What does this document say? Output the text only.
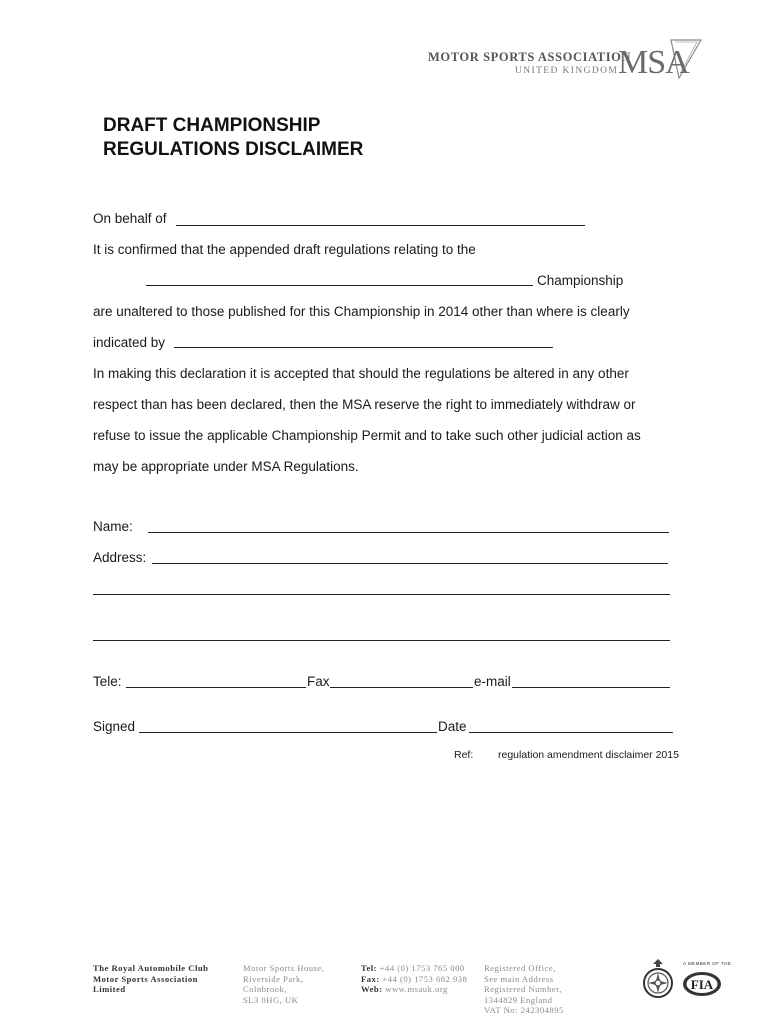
MOTOR SPORTS ASSOCIATION
UNITED KINGDOM MSA
DRAFT CHAMPIONSHIP
REGULATIONS DISCLAIMER
On behalf of
It is confirmed that the appended draft regulations relating to the
Championship
are unaltered to those published for this Championship in 2014 other than where is clearly
indicated by
In making this declaration it is accepted that should the regulations be altered in any other
respect than has been declared, then the MSA reserve the right to immediately withdraw or
refuse to issue the applicable Championship Permit and to take such other judicial action as
may be appropriate under MSA Regulations.
Name:
Address:
Tele:	Fax	e-mail
Signed	Date
Ref: regulation amendment disclaimer 2015
The Royal Automobile Club
Motor Sports Association
Limited
Motor Sports House,
Riverside Park,
Colnbrook,
SL3 0HG, UK
Tel: +44 (0) 1753 765 000
Fax: +44 (0) 1753 682 938
Web: www.msauk.org
Registered Office,
See main Address
Registered Number,
1344829 England
VAT No: 242304895
A MEMBER OF THE
FIA
